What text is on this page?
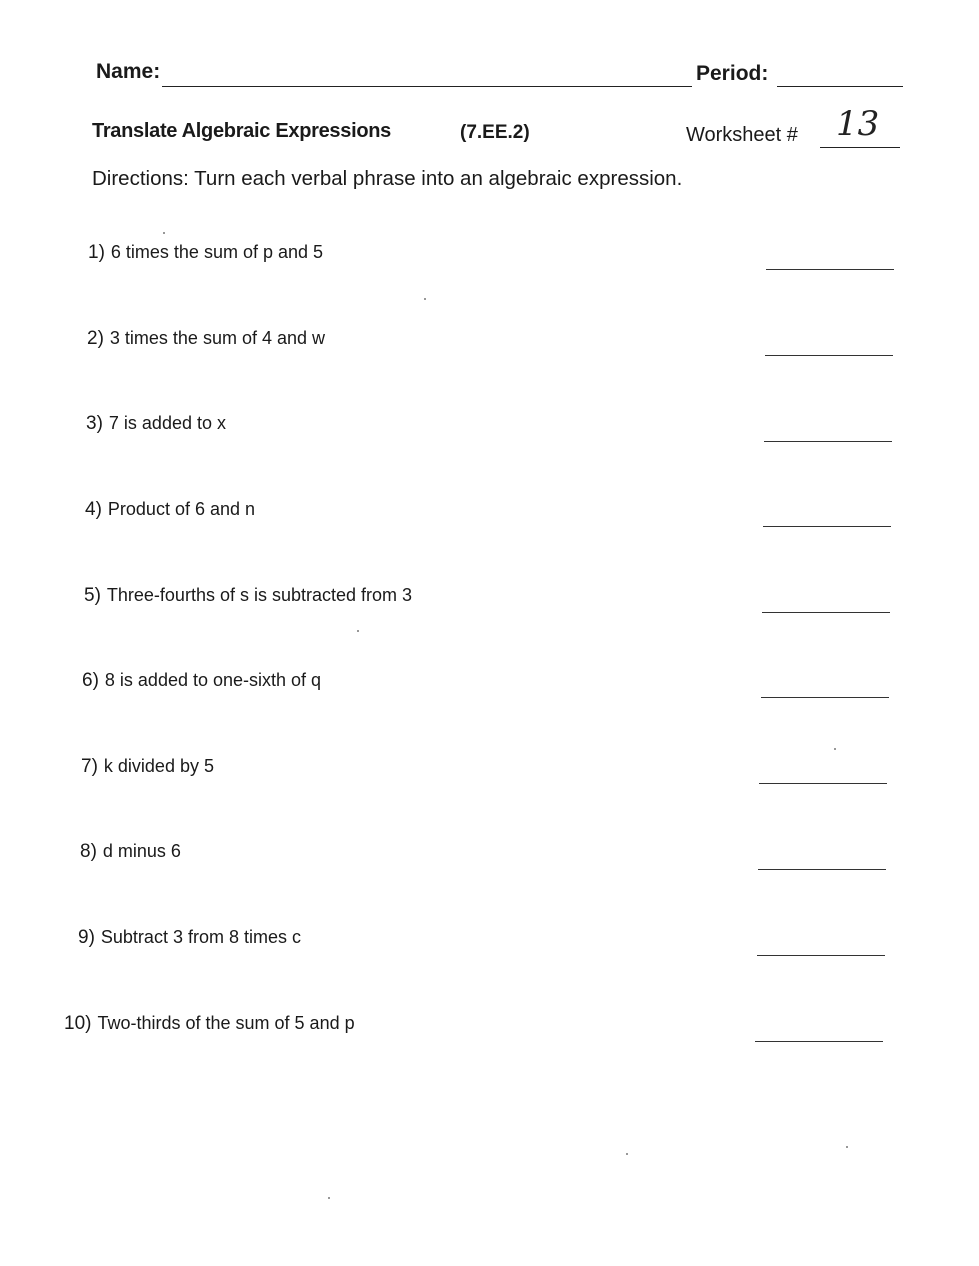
Name:	Period:
Translate Algebraic Expressions	(7.EE.2)	Worksheet # 13
Directions: Turn each verbal phrase into an algebraic expression.
1) 6 times the sum of p and 5
2) 3 times the sum of 4 and w
3) 7 is added to x
4) Product of 6 and n
5) Three-fourths of s is subtracted from 3
6) 8 is added to one-sixth of q
7) k divided by 5
8) d minus 6
9) Subtract 3 from 8 times c
10) Two-thirds of the sum of 5 and p
